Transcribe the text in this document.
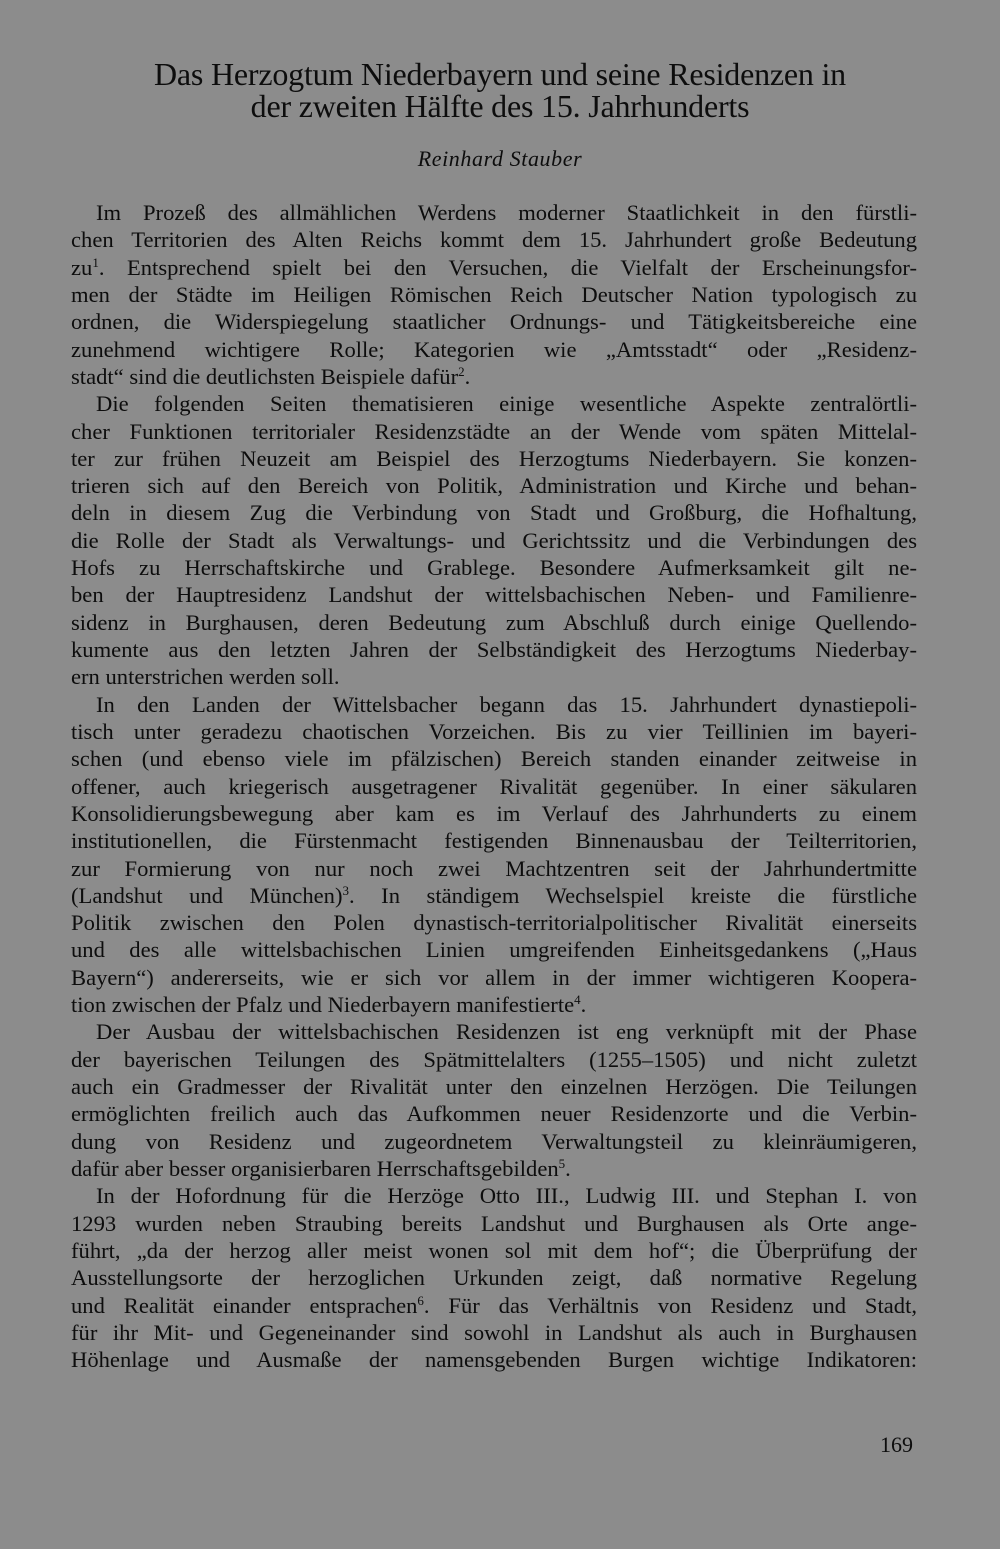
Das Herzogtum Niederbayern und seine Residenzen in
der zweiten Hälfte des 15. Jahrhunderts
Reinhard Stauber
Im Prozeß des allmählichen Werdens moderner Staatlichkeit in den fürstli-
chen Territorien des Alten Reichs kommt dem 15. Jahrhundert große Bedeutung
$zu^1$. Entsprechend spielt bei den Versuchen, die Vielfalt der Erscheinungsfor-
men der Städte im Heiligen Römischen Reich Deutscher Nation typologisch zu
ordnen, die Widerspiegelung staatlicher Ordnungs- und Tätigkeitsbereiche eine
zunehmend wichtigere Rolle; Kategorien wie „Amtsstadt“ oder „Residenz-
stadt“ sind die deutlichsten Beispiele dafür$^2$.
Die folgenden Seiten thematisieren einige wesentliche Aspekte zentralörtli-
cher Funktionen territorialer Residenzstädte an der Wende vom späten Mittelal-
ter zur frühen Neuzeit am Beispiel des Herzogtums Niederbayern. Sie konzen-
trieren sich auf den Bereich von Politik, Administration und Kirche und behan-
deln in diesem Zug die Verbindung von Stadt und Großburg, die Hofhaltung,
die Rolle der Stadt als Verwaltungs- und Gerichtssitz und die Verbindungen des
Hofs zu Herrschaftskirche und Grablege. Besondere Aufmerksamkeit gilt ne-
ben der Hauptresidenz Landshut der wittelsbachischen Neben- und Familienre-
sidenz in Burghausen, deren Bedeutung zum Abschluß durch einige Quellendo-
kumente aus den letzten Jahren der Selbständigkeit des Herzogtums Niederbay-
ern unterstrichen werden soll.
In den Landen der Wittelsbacher begann das 15. Jahrhundert dynastiepoli-
tisch unter geradezu chaotischen Vorzeichen. Bis zu vier Teillinien im bayeri-
schen (und ebenso viele im pfälzischen) Bereich standen einander zeitweise in
offener, auch kriegerisch ausgetragener Rivalität gegenüber. In einer säkularen
Konsolidierungsbewegung aber kam es im Verlauf des Jahrhunderts zu einem
institutionellen, die Fürstenmacht festigenden Binnenausbau der Teilterritorien,
zur Formierung von nur noch zwei Machtzentren seit der Jahrhundertmitte
(Landshut und München)$^3$. In ständigem Wechselspiel kreiste die fürstliche
Politik zwischen den Polen dynastisch-territorialpolitischer Rivalität einerseits
und des alle wittelsbachischen Linien umgreifenden Einheitsgedankens („Haus
Bayern“) andererseits, wie er sich vor allem in der immer wichtigeren Koopera-
tion zwischen der Pfalz und Niederbayern manifestierte$^4$.
Der Ausbau der wittelsbachischen Residenzen ist eng verknüpft mit der Phase
der bayerischen Teilungen des Spätmittelalters (1255–1505) und nicht zuletzt
auch ein Gradmesser der Rivalität unter den einzelnen Herzögen. Die Teilungen
ermöglichten freilich auch das Aufkommen neuer Residenzorte und die Verbin-
dung von Residenz und zugeordnetem Verwaltungsteil zu kleinräumigeren,
dafür aber besser organisierbaren Herrschaftsgebilden$^5$.
In der Hofordnung für die Herzöge Otto III., Ludwig III. und Stephan I. von
1293 wurden neben Straubing bereits Landshut und Burghausen als Orte ange-
führt, „da der herzog aller meist wonen sol mit dem hof“; die Überprüfung der
Ausstellungsorte der herzoglichen Urkunden zeigt, daß normative Regelung
und Realität einander entsprachen$^6$. Für das Verhältnis von Residenz und Stadt,
für ihr Mit- und Gegeneinander sind sowohl in Landshut als auch in Burghausen
Höhenlage und Ausmaße der namensgebenden Burgen wichtige Indikatoren:
169
